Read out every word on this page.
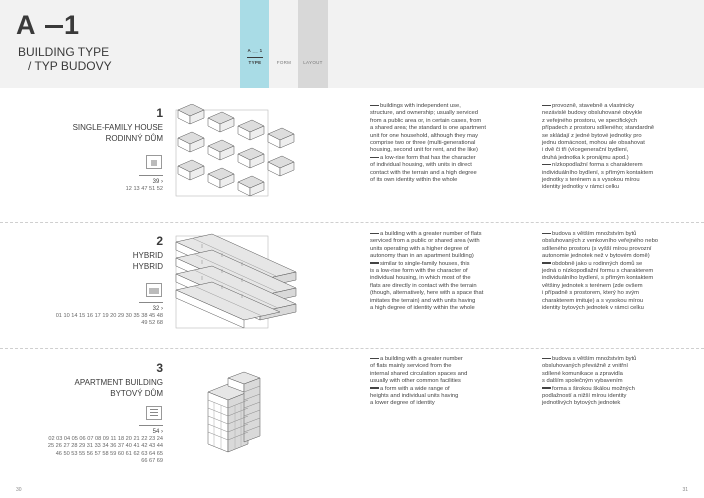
A 1
BUILDING TYPE
/ TYP BUDOVY
A __ 1
TYPE	FORM	LAYOUT
1
SINGLE-FAMILY HOUSE
RODINNÝ DŮM
39 ›
12 13 47 51 52
buildings with independent use,
structure, and ownership; usually serviced
from a public area or, in certain cases, from
a shared area; the standard is one apartment
unit for one household, although they may
comprise two or three (multi-generational
housing, second unit for rent, and the like)
a low-rise form that has the character
of individual housing, with units in direct
contact with the terrain and a high degree
of its own identity within the whole
provozně, stavebně a vlastnicky
nezávislé budovy obsluhované obvykle
z veřejného prostoru, ve specifických
případech z prostoru sdíleného; standardně
se skládají z jedné bytové jednotky pro
jednu domácnost, mohou ale obsahovat
i dvě či tři (vícegenerační bydlení,
druhá jednotka k pronájmu apod.)
nízkopodlažní forma s charakterem
individuálního bydlení, s přímým kontaktem
jednotky s terénem a s vysokou mírou
identity jednotky v rámci celku
2
HYBRID
HYBRID
32 ›
01 10 14 15 16 17 19 20 29 30 35 38 45 48
49 52 68
a building with a greater number of flats
serviced from a public or shared area (with
units operating with a higher degree of
autonomy than in an apartment building)
similar to single-family houses, this
is a low-rise form with the character of
individual housing, in which most of the
flats are directly in contact with the terrain
(though, alternatively, here with a space that
imitates the terrain) and with units having
a high degree of identity within the whole
budova s větším množstvím bytů
obsluhovaných z venkovního veřejného nebo
sdíleného prostoru (s vyšší mírou provozní
autonomie jednotek než v bytovém domě)
obdobně jako u rodinných domů se
jedná o nízkopodlažní formu s charakterem
individuálního bydlení, s přímým kontaktem
většiny jednotek s terénem (zde ovšem
i případně s prostorem, který ho svým
charakterem imituje) a s vysokou mírou
identity bytových jednotek v rámci celku
3
APARTMENT BUILDING
BYTOVÝ DŮM
54 ›
02 03 04 05 06 07 08 09 11 18 20 21 22 23 24
25 26 27 28 29 31 33 34 36 37 40 41 42 43 44
46 50 53 55 56 57 58 59 60 61 62 63 64 65
66 67 69
a building with a greater number
of flats mainly serviced from the
internal shared circulation spaces and
usually with other common facilities
a form with a wide range of
heights and individual units having
a lower degree of identity
budova s větším množstvím bytů
obsluhovaných převážně z vnitřní
sdílené komunikace a zpravidla
s dalším společným vybavením
forma s širokou škálou možných
podlažností a nižší mírou identity
jednotlivých bytových jednotek
30	31
